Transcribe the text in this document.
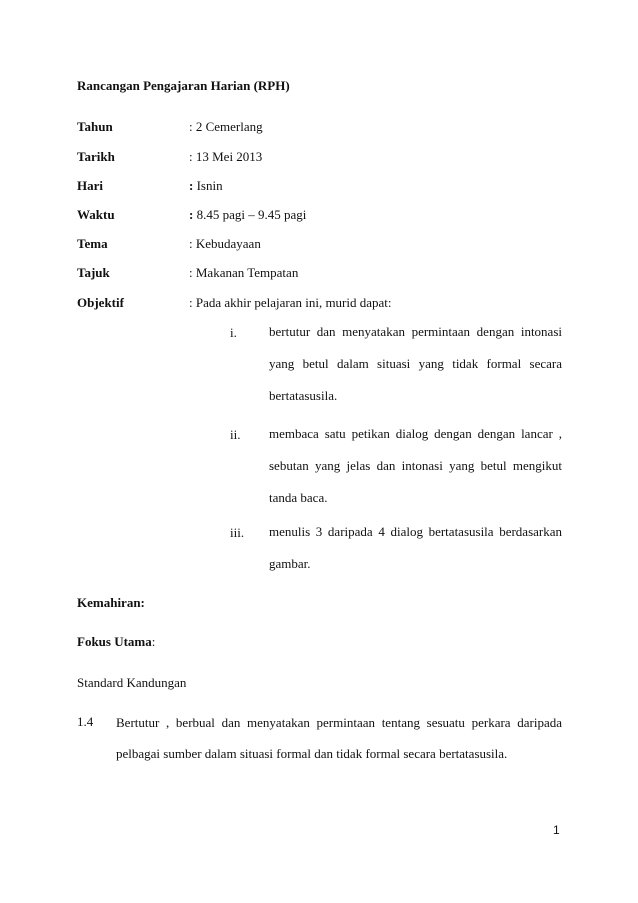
Rancangan Pengajaran Harian (RPH)
Tahun	: 2 Cemerlang
Tarikh	: 13 Mei 2013
Hari	: Isnin
Waktu	: 8.45 pagi – 9.45 pagi
Tema	: Kebudayaan
Tajuk	: Makanan Tempatan
Objektif	: Pada akhir pelajaran ini, murid dapat:
i. bertutur dan menyatakan permintaan dengan intonasi
yang betul dalam situasi yang tidak formal secara
bertatasusila.
ii. membaca satu petikan dialog dengan dengan lancar ,
sebutan yang jelas dan intonasi yang betul mengikut
tanda baca.
iii. menulis 3 daripada 4 dialog bertatasusila berdasarkan
gambar.
Kemahiran:
Fokus Utama:
Standard Kandungan
1.4 Bertutur , berbual dan menyatakan permintaan tentang sesuatu perkara daripada
pelbagai sumber dalam situasi formal dan tidak formal secara bertatasusila.
1
